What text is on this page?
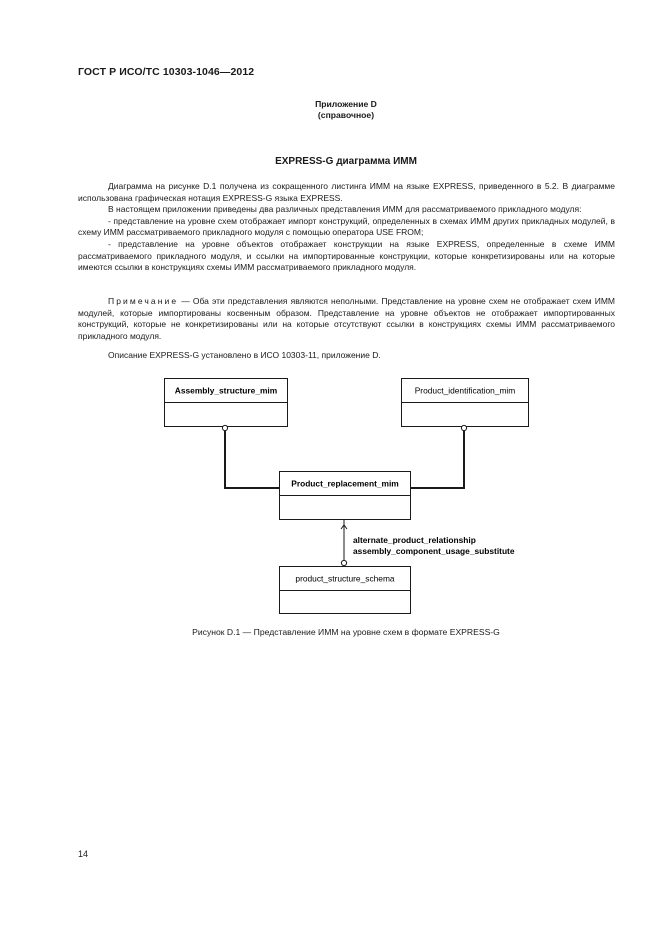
ГОСТ Р ИСО/ТС 10303-1046—2012
Приложение D
(справочное)
EXPRESS-G диаграмма ИММ

Диаграмма на рисунке D.1 получена из сокращенного листинга ИММ на языке EXPRESS, приведенного в 5.2. В диаграмме использована графическая нотация EXPRESS-G языка EXPRESS.

В настоящем приложении приведены два различных представления ИММ для рассматриваемого прикладного модуля:

- представление на уровне схем отображает импорт конструкций, определенных в схемах ИММ других прикладных модулей, в схему ИММ рассматриваемого прикладного модуля с помощью оператора USE FROM;

- представление на уровне объектов отображает конструкции на языке EXPRESS, определенные в схеме ИММ рассматриваемого прикладного модуля, и ссылки на импортированные конструкции, которые конкретизированы или на которые имеются ссылки в конструкциях схемы ИММ рассматриваемого прикладного модуля.

Примечание — Оба эти представления являются неполными. Представление на уровне схем не отображает схем ИММ модулей, которые импортированы косвенным образом. Представление на уровне объектов не отображает импортированных конструкций, которые не конкретизированы или на которые отсутствуют ссылки в конструкциях схемы ИММ рассматриваемого прикладного модуля.

Описание EXPRESS-G установлено в ИСО 10303-11, приложение D.

Assembly_structure_mim	Product_identification_mim
Product_replacement_mim
product_structure_schema
alternate_product_relationship
assembly_component_usage_substitute
Рисунок D.1 — Представление ИММ на уровне схем в формате EXPRESS-G
14
